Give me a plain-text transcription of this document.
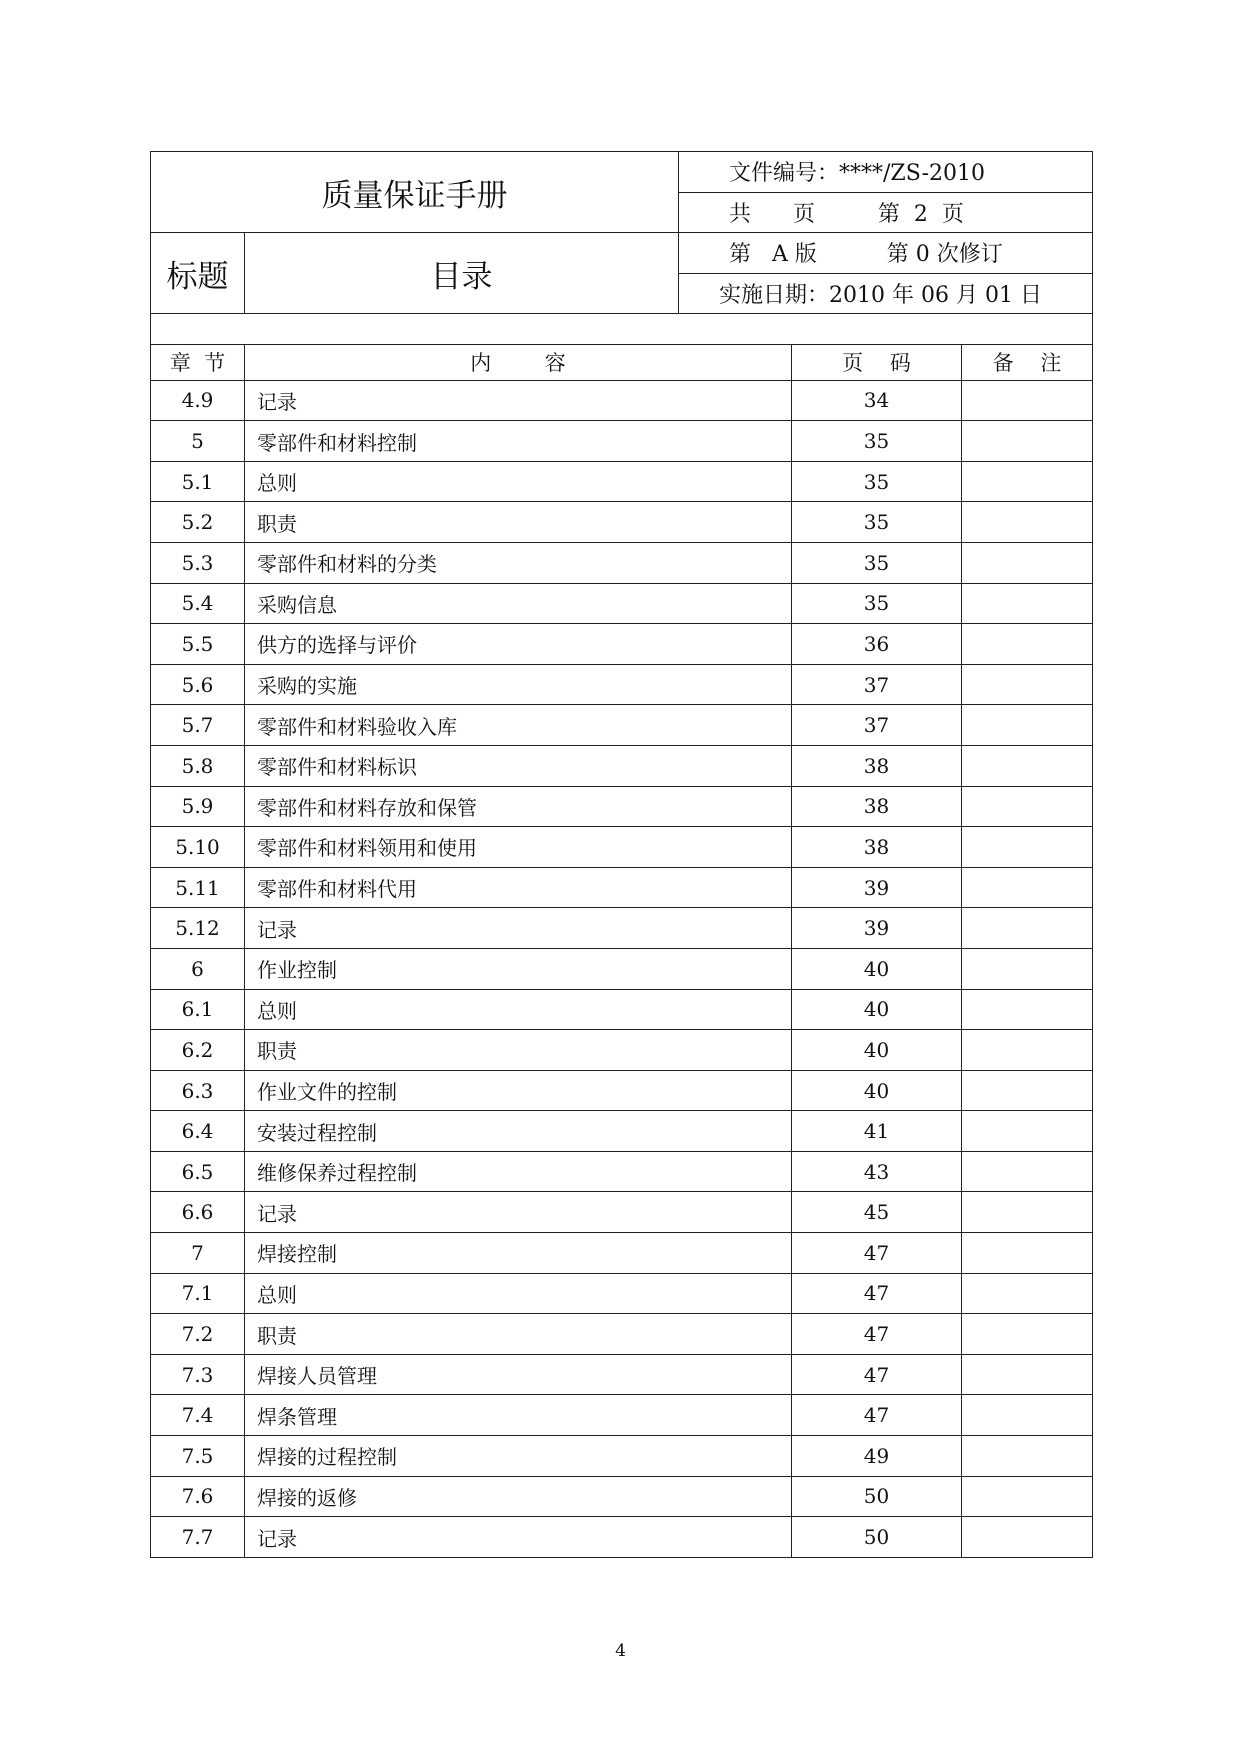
质量保证手册		文件编号：****/ZS-2010
		共      页         第  2  页
标题	目录	第   A 版          第 0 次修订
		实施日期：2010 年 06 月 01 日

章  节	内        容	页    码	备    注
4.9	记录	34	
5	零部件和材料控制	35	
5.1	总则	35	
5.2	职责	35	
5.3	零部件和材料的分类	35	
5.4	采购信息	35	
5.5	供方的选择与评价	36	
5.6	采购的实施	37	
5.7	零部件和材料验收入库	37	
5.8	零部件和材料标识	38	
5.9	零部件和材料存放和保管	38	
5.10	零部件和材料领用和使用	38	
5.11	零部件和材料代用	39	
5.12	记录	39	
6	作业控制	40	
6.1	总则	40	
6.2	职责	40	
6.3	作业文件的控制	40	
6.4	安装过程控制	41	
6.5	维修保养过程控制	43	
6.6	记录	45	
7	焊接控制	47	
7.1	总则	47	
7.2	职责	47	
7.3	焊接人员管理	47	
7.4	焊条管理	47	
7.5	焊接的过程控制	49	
7.6	焊接的返修	50	
7.7	记录	50	
4
